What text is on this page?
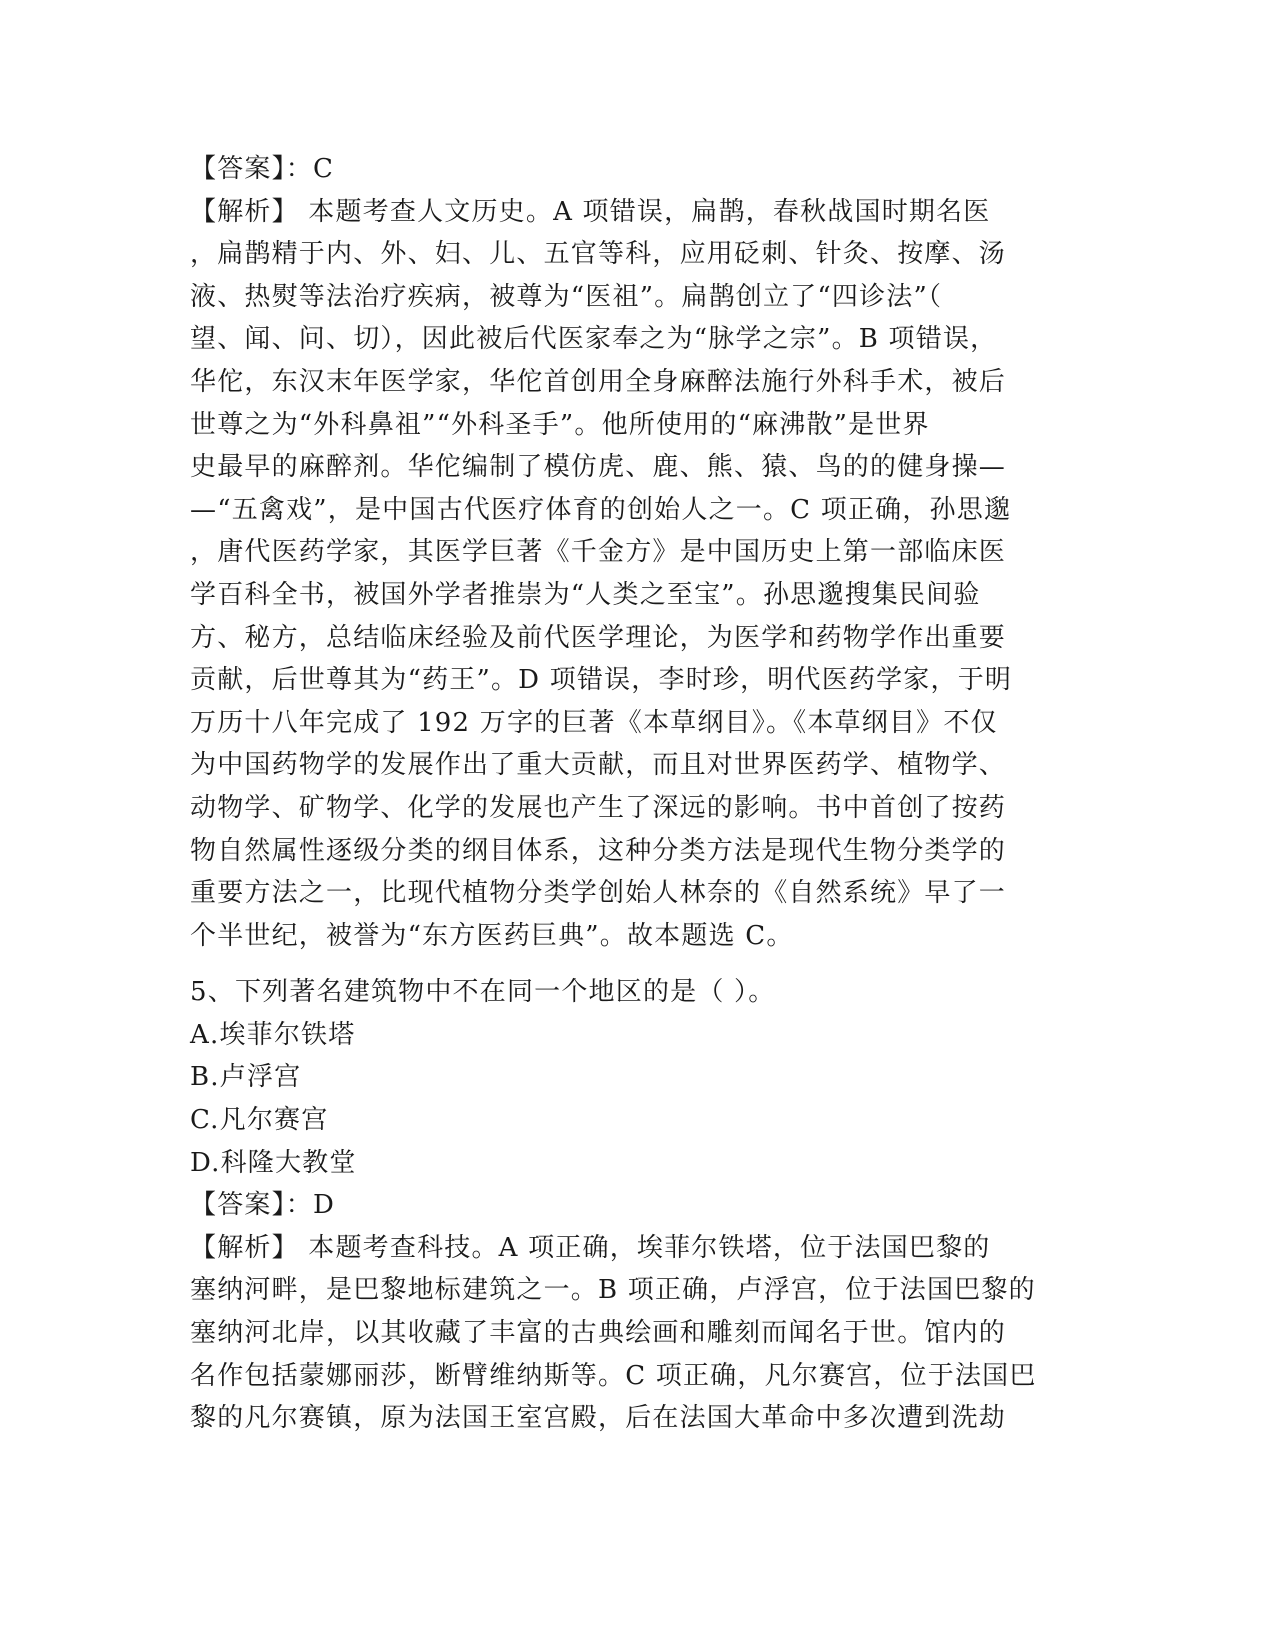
【答案】：C
【解析】 本题考查人文历史。A 项错误，扁鹊，春秋战国时期名医
，扁鹊精于内、外、妇、儿、五官等科，应用砭刺、针灸、按摩、汤
液、热熨等法治疗疾病，被尊为“医祖”。扁鹊创立了“四诊法”（
望、闻、问、切），因此被后代医家奉之为“脉学之宗”。B 项错误，
华佗，东汉末年医学家，华佗首创用全身麻醉法施行外科手术，被后
世尊之为“外科鼻祖”“外科圣手”。他所使用的“麻沸散”是世界
史最早的麻醉剂。华佗编制了模仿虎、鹿、熊、猿、鸟的的健身操—
—“五禽戏”，是中国古代医疗体育的创始人之一。C 项正确，孙思邈
，唐代医药学家，其医学巨著《千金方》是中国历史上第一部临床医
学百科全书，被国外学者推崇为“人类之至宝”。孙思邈搜集民间验
方、秘方，总结临床经验及前代医学理论，为医学和药物学作出重要
贡献，后世尊其为“药王”。D 项错误，李时珍，明代医药学家，于明
万历十八年完成了 192 万字的巨著《本草纲目》。《本草纲目》不仅
为中国药物学的发展作出了重大贡献，而且对世界医药学、植物学、
动物学、矿物学、化学的发展也产生了深远的影响。书中首创了按药
物自然属性逐级分类的纲目体系，这种分类方法是现代生物分类学的
重要方法之一，比现代植物分类学创始人林奈的《自然系统》早了一
个半世纪，被誉为“东方医药巨典”。故本题选 C。
5、下列著名建筑物中不在同一个地区的是（ ）。
A.埃菲尔铁塔
B.卢浮宫
C.凡尔赛宫
D.科隆大教堂
【答案】：D
【解析】 本题考查科技。A 项正确，埃菲尔铁塔，位于法国巴黎的
塞纳河畔，是巴黎地标建筑之一。B 项正确，卢浮宫，位于法国巴黎的
塞纳河北岸，以其收藏了丰富的古典绘画和雕刻而闻名于世。馆内的
名作包括蒙娜丽莎，断臂维纳斯等。C 项正确，凡尔赛宫，位于法国巴
黎的凡尔赛镇，原为法国王室宫殿，后在法国大革命中多次遭到洗劫
